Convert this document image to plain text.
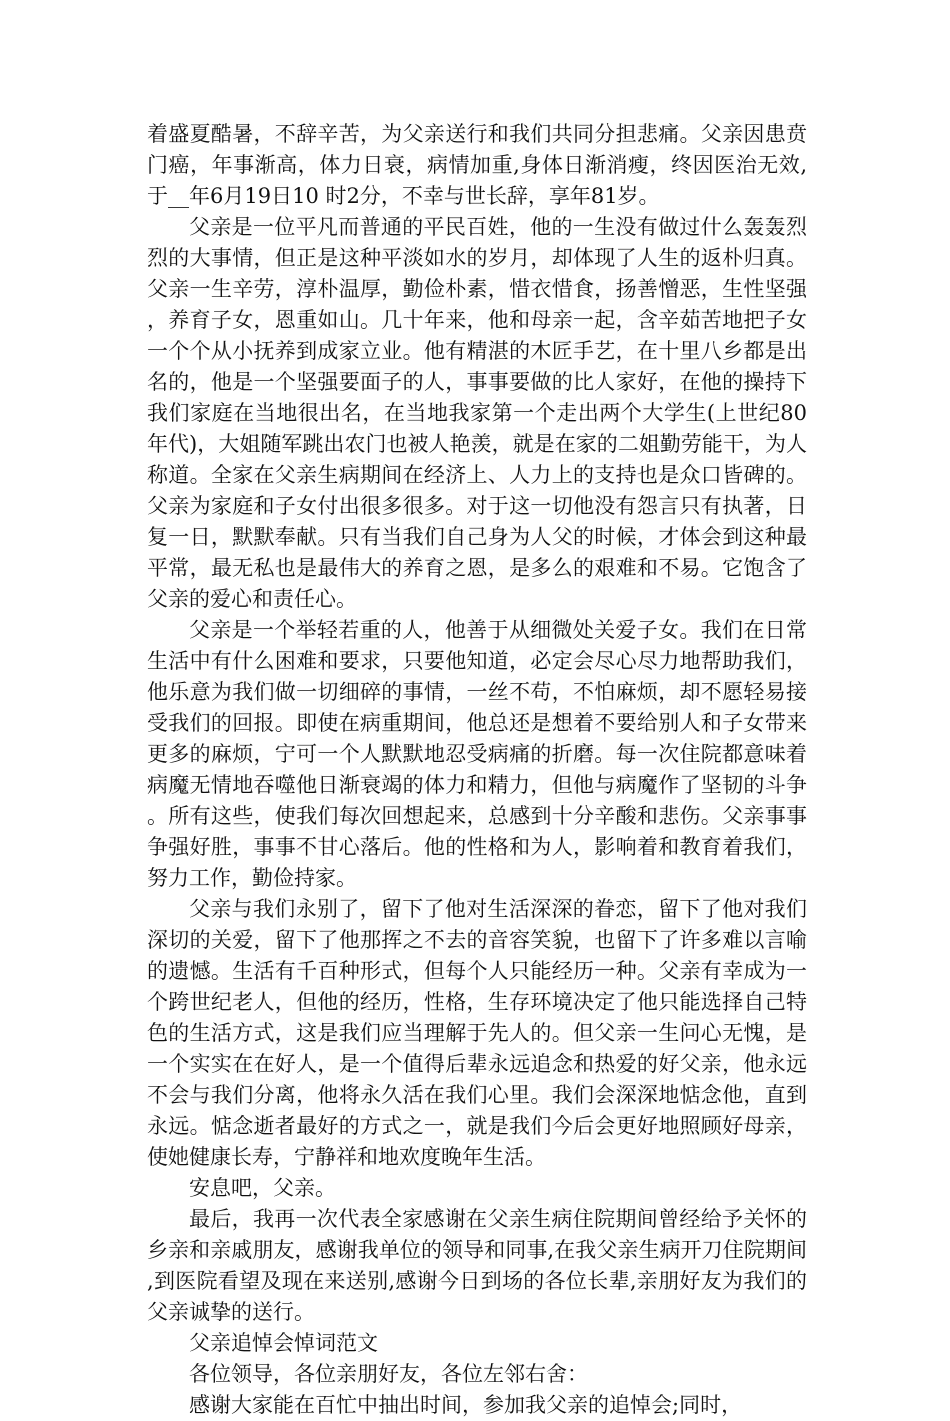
着盛夏酷暑，不辞辛苦，为父亲送行和我们共同分担悲痛。父亲因患贲门癌，年事渐高，体力日衰，病情加重,身体日渐消瘦，终因医治无效,于__年6月19日10 时2分，不幸与世长辞，享年81岁。

父亲是一位平凡而普通的平民百姓，他的一生没有做过什么轰轰烈烈的大事情，但正是这种平淡如水的岁月，却体现了人生的返朴归真。父亲一生辛劳，淳朴温厚，勤俭朴素，惜衣惜食，扬善憎恶，生性坚强，养育子女，恩重如山。几十年来，他和母亲一起，含辛茹苦地把子女一个个从小抚养到成家立业。他有精湛的木匠手艺，在十里八乡都是出名的，他是一个坚强要面子的人，事事要做的比人家好，在他的操持下我们家庭在当地很出名，在当地我家第一个走出两个大学生(上世纪80年代)，大姐随军跳出农门也被人艳羡，就是在家的二姐勤劳能干，为人称道。全家在父亲生病期间在经济上、人力上的支持也是众口皆碑的。父亲为家庭和子女付出很多很多。对于这一切他没有怨言只有执著，日复一日，默默奉献。只有当我们自己身为人父的时候，才体会到这种最平常，最无私也是最伟大的养育之恩，是多么的艰难和不易。它饱含了父亲的爱心和责任心。

父亲是一个举轻若重的人，他善于从细微处关爱子女。我们在日常生活中有什么困难和要求，只要他知道，必定会尽心尽力地帮助我们，他乐意为我们做一切细碎的事情，一丝不苟，不怕麻烦，却不愿轻易接受我们的回报。即使在病重期间，他总还是想着不要给别人和子女带来更多的麻烦，宁可一个人默默地忍受病痛的折磨。每一次住院都意味着病魔无情地吞噬他日渐衰竭的体力和精力，但他与病魔作了坚韧的斗争。所有这些，使我们每次回想起来，总感到十分辛酸和悲伤。父亲事事争强好胜，事事不甘心落后。他的性格和为人，影响着和教育着我们，努力工作，勤俭持家。

父亲与我们永别了，留下了他对生活深深的眷恋，留下了他对我们深切的关爱，留下了他那挥之不去的音容笑貌，也留下了许多难以言喻的遗憾。生活有千百种形式，但每个人只能经历一种。父亲有幸成为一个跨世纪老人，但他的经历，性格，生存环境决定了他只能选择自己特色的生活方式，这是我们应当理解于先人的。但父亲一生问心无愧，是一个实实在在好人，是一个值得后辈永远追念和热爱的好父亲，他永远不会与我们分离，他将永久活在我们心里。我们会深深地惦念他，直到永远。惦念逝者最好的方式之一，就是我们今后会更好地照顾好母亲，使她健康长寿，宁静祥和地欢度晚年生活。

安息吧，父亲。

最后，我再一次代表全家感谢在父亲生病住院期间曾经给予关怀的乡亲和亲戚朋友，感谢我单位的领导和同事,在我父亲生病开刀住院期间,到医院看望及现在来送别,感谢今日到场的各位长辈,亲朋好友为我们的父亲诚挚的送行。

父亲追悼会悼词范文

各位领导，各位亲朋好友，各位左邻右舍：

感谢大家能在百忙中抽出时间，参加我父亲的追悼会;同时，
